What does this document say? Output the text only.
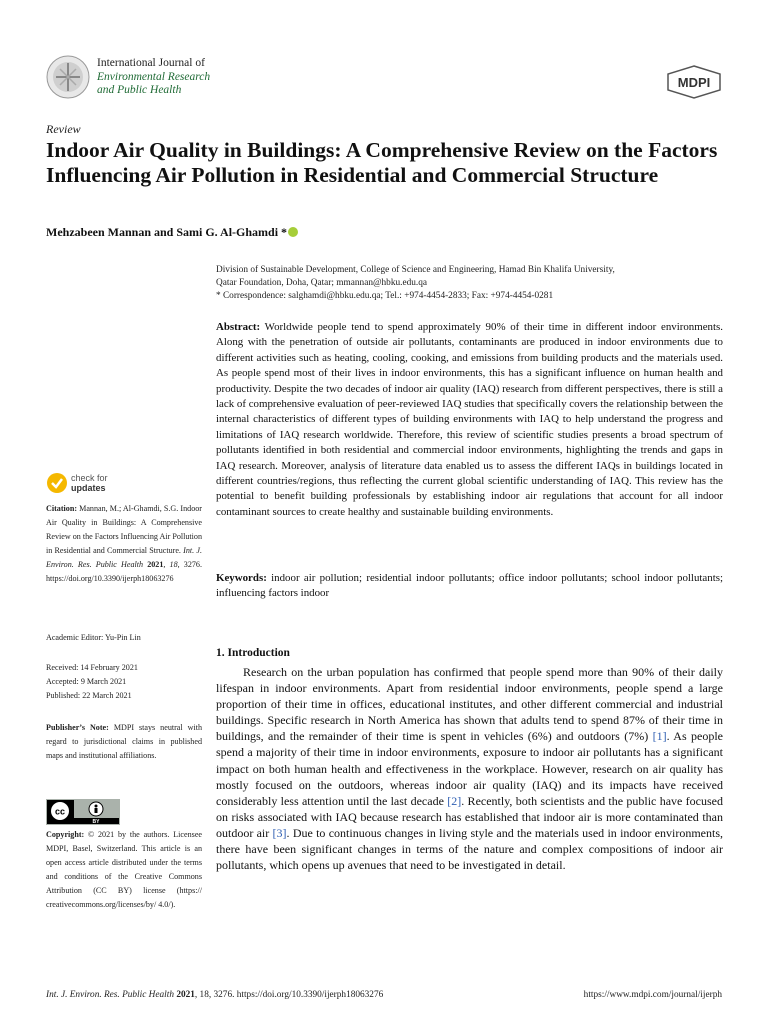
International Journal of
Environmental Research
and Public Health	MDPI
Review
Indoor Air Quality in Buildings: A Comprehensive Review on the Factors Influencing Air Pollution in Residential and Commercial Structure
Mehzabeen Mannan and Sami G. Al-Ghamdi *
Division of Sustainable Development, College of Science and Engineering, Hamad Bin Khalifa University,
Qatar Foundation, Doha, Qatar; mmannan@hbku.edu.qa
* Correspondence: salghamdi@hbku.edu.qa; Tel.: +974-4454-2833; Fax: +974-4454-0281
Abstract: Worldwide people tend to spend approximately 90% of their time in different indoor environments. Along with the penetration of outside air pollutants, contaminants are produced in indoor environments due to different activities such as heating, cooling, cooking, and emissions from building products and the materials used. As people spend most of their lives in indoor environments, this has a significant influence on human health and productivity. Despite the two decades of indoor air quality (IAQ) research from different perspectives, there is still a lack of comprehensive evaluation of peer-reviewed IAQ studies that specifically covers the relationship between the internal characteristics of different types of building environments with IAQ to help understand the progress and limitations of IAQ research worldwide. Therefore, this review of scientific studies presents a broad spectrum of pollutants identified in both residential and commercial indoor environments, highlighting the trends and gaps in IAQ research. Moreover, analysis of literature data enabled us to assess the different IAQs in buildings located in different countries/regions, thus reflecting the current global scientific understanding of IAQ. This review has the potential to benefit building professionals by establishing indoor air regulations that account for all indoor contaminant sources to create healthy and sustainable building environments.
Keywords: indoor air pollution; residential indoor pollutants; office indoor pollutants; school indoor pollutants; influencing factors indoor
check for
updates
Citation: Mannan, M.; Al-Ghamdi, S.G. Indoor Air Quality in Buildings: A Comprehensive Review on the Factors Influencing Air Pollution in Residential and Commercial Structure. Int. J. Environ. Res. Public Health 2021, 18, 3276. https://doi.org/10.3390/ijerph18063276
Academic Editor: Yu-Pin Lin
Received: 14 February 2021
Accepted: 9 March 2021
Published: 22 March 2021
Publisher’s Note: MDPI stays neutral with regard to jurisdictional claims in published maps and institutional affiliations.
cc
BY
Copyright: © 2021 by the authors. Licensee MDPI, Basel, Switzerland. This article is an open access article distributed under the terms and conditions of the Creative Commons Attribution (CC BY) license (https:// creativecommons.org/licenses/by/ 4.0/).
1. Introduction
Research on the urban population has confirmed that people spend more than 90% of their daily lifespan in indoor environments. Apart from residential indoor environments, people spend a large proportion of their time in offices, educational institutes, and other different commercial and industrial buildings. Specific research in North America has shown that adults tend to spend 87% of their time in buildings, and the remainder of their time is spent in vehicles (6%) and outdoors (7%) [1]. As people spend a majority of their time in indoor environments, exposure to indoor air pollutants has a significant impact on both human health and effectiveness in the workplace. However, research on air quality has mostly focused on the outdoors, whereas indoor air quality (IAQ) and its impacts have received considerably less attention until the last decade [2]. Recently, both scientists and the public have focused on risks associated with IAQ because research has established that indoor air is more contaminated than outdoor air [3]. Due to continuous changes in living style and the materials used in indoor environments, there have been significant changes in terms of the nature and complex compositions of indoor air pollutants, which opens up avenues that need to be investigated in detail.
Int. J. Environ. Res. Public Health 2021, 18, 3276. https://doi.org/10.3390/ijerph18063276	https://www.mdpi.com/journal/ijerph
